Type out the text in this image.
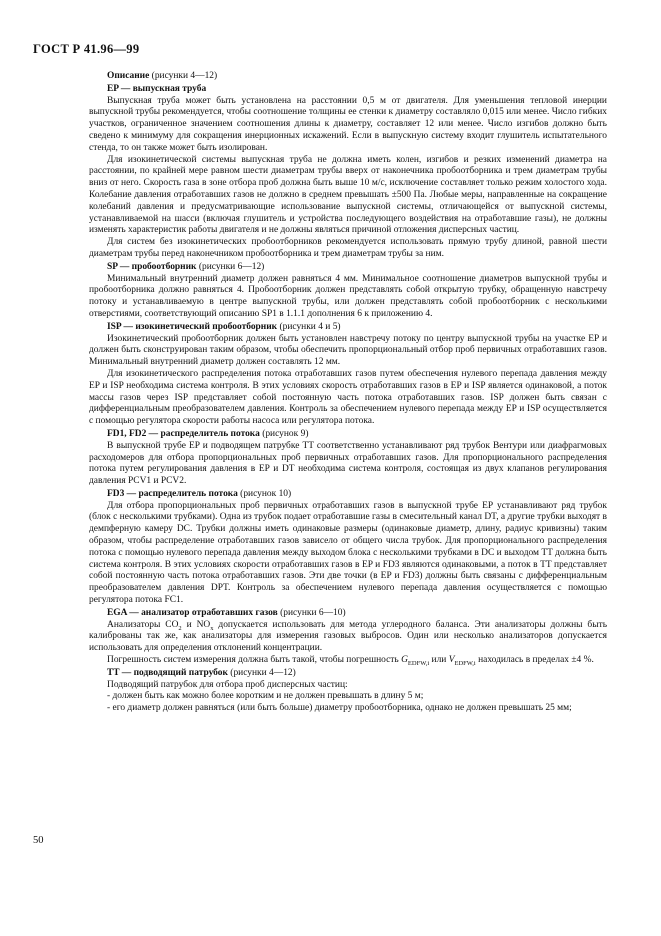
ГОСТ Р 41.96—99

Описание (рисунки 4—12)

EP — выпускная труба

Выпускная труба может быть установлена на расстоянии 0,5 м от двигателя. Для уменьшения тепловой инерции выпускной трубы рекомендуется, чтобы соотношение толщины ее стенки к диаметру составляло 0,015 или менее. Число гибких участков, ограниченное значением соотношения длины к диаметру, составляет 12 или менее. Число изгибов должно быть сведено к минимуму для сокращения инерционных искажений. Если в выпускную систему входит глушитель испытательного стенда, то он также может быть изолирован.

Для изокинетической системы выпускная труба не должна иметь колен, изгибов и резких изменений диаметра на расстоянии, по крайней мере равном шести диаметрам трубы вверх от наконечника пробоотборника и трем диаметрам трубы вниз от него. Скорость газа в зоне отбора проб должна быть выше 10 м/с, исключение составляет только режим холостого хода. Колебание давления отработавших газов не должно в среднем превышать ±500 Па. Любые меры, направленные на сокращение колебаний давления и предусматривающие использование выпускной системы, отличающейся от выпускной системы, устанавливаемой на шасси (включая глушитель и устройства последующего воздействия на отработавшие газы), не должны изменять характеристик работы двигателя и не должны являться причиной отложения дисперсных частиц.

Для систем без изокинетических пробоотборников рекомендуется использовать прямую трубу длиной, равной шести диаметрам трубы перед наконечником пробоотборника и трем диаметрам трубы за ним.

SP — пробоотборник (рисунки 6—12)

Минимальный внутренний диаметр должен равняться 4 мм. Минимальное соотношение диаметров выпускной трубы и пробоотборника должно равняться 4. Пробоотборник должен представлять собой открытую трубку, обращенную навстречу потоку и устанавливаемую в центре выпускной трубы, или должен представлять собой пробоотборник с несколькими отверстиями, соответствующий описанию SP1 в 1.1.1 дополнения 6 к приложению 4.

ISP — изокинетический пробоотборник (рисунки 4 и 5)

Изокинетический пробоотборник должен быть установлен навстречу потоку по центру выпускной трубы на участке EP и должен быть сконструирован таким образом, чтобы обеспечить пропорциональный отбор проб первичных отработавших газов. Минимальный внутренний диаметр должен составлять 12 мм.

Для изокинетического распределения потока отработавших газов путем обеспечения нулевого перепада давления между EP и ISP необходима система контроля. В этих условиях скорость отработавших газов в EP и ISP является одинаковой, а поток массы газов через ISP представляет собой постоянную часть потока отработавших газов. ISP должен быть связан с дифференциальным преобразователем давления. Контроль за обеспечением нулевого перепада между EP и ISP осуществляется с помощью регулятора скорости работы насоса или регулятора потока.

FD1, FD2 — распределитель потока (рисунок 9)

В выпускной трубе EP и подводящем патрубке TT соответственно устанавливают ряд трубок Вентури или диафрагмовых расходомеров для отбора пропорциональных проб первичных отработавших газов. Для пропорционального распределения потока путем регулирования давления в EP и DT необходима система контроля, состоящая из двух клапанов регулирования давления PCV1 и PCV2.

FD3 — распределитель потока (рисунок 10)

Для отбора пропорциональных проб первичных отработавших газов в выпускной трубе EP устанавливают ряд трубок (блок с несколькими трубками). Одна из трубок подает отработавшие газы в смесительный канал DT, а другие трубки выходят в демпферную камеру DC. Трубки должны иметь одинаковые размеры (одинаковые диаметр, длину, радиус кривизны) таким образом, чтобы распределение отработавших газов зависело от общего числа трубок. Для пропорционального распределения потока с помощью нулевого перепада давления между выходом блока с несколькими трубками в DC и выходом TT должна быть система контроля. В этих условиях скорости отработавших газов в EP и FD3 являются одинаковыми, а поток в TT представляет собой постоянную часть потока отработавших газов. Эти две точки (в EP и FD3) должны быть связаны с дифференциальным преобразователем давления DPT. Контроль за обеспечением нулевого перепада давления осуществляется с помощью регулятора потока FC1.

EGA — анализатор отработавших газов (рисунки 6—10)

Анализаторы $CO_2$ и $NO_x$ допускается использовать для метода углеродного баланса. Эти анализаторы должны быть калиброваны так же, как анализаторы для измерения газовых выбросов. Один или несколько анализаторов допускается использовать для определения отклонений концентрации.

Погрешность систем измерения должна быть такой, чтобы погрешность $G_{EDFW,i}$ или $V_{EDFW,i}$ находилась в пределах ±4 %.

TT — подводящий патрубок (рисунки 4—12)

Подводящий патрубок для отбора проб дисперсных частиц:

- должен быть как можно более коротким и не должен превышать в длину 5 м;

- его диаметр должен равняться (или быть больше) диаметру пробоотборника, однако не должен превышать 25 мм;

50
